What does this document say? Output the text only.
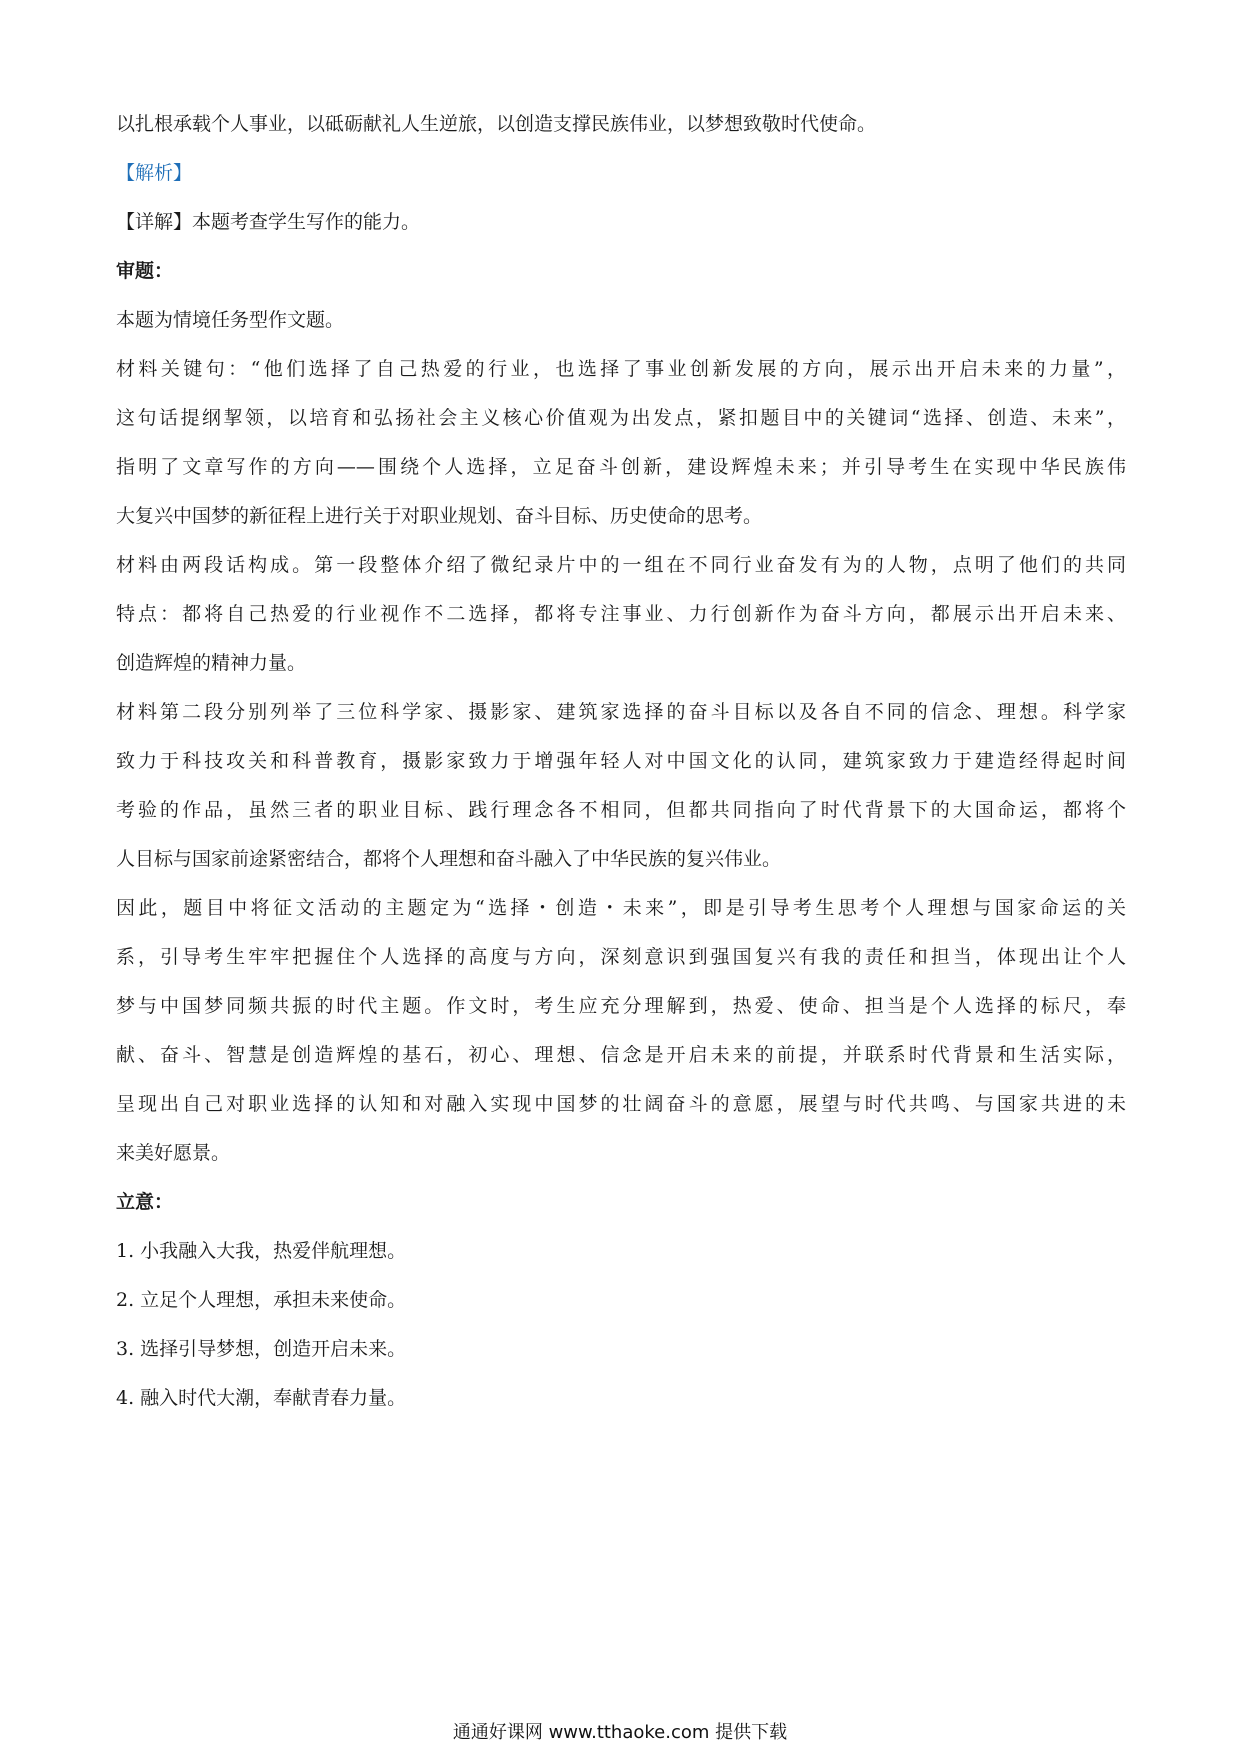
以扎根承载个人事业，以砥砺献礼人生逆旅，以创造支撑民族伟业，以梦想致敬时代使命。

【解析】

【详解】本题考查学生写作的能力。

审题：

本题为情境任务型作文题。

材料关键句：“他们选择了自己热爱的行业，也选择了事业创新发展的方向，展示出开启未来的力量”，

这句话提纲挈领，以培育和弘扬社会主义核心价值观为出发点，紧扣题目中的关键词“选择、创造、未来”，

指明了文章写作的方向——围绕个人选择，立足奋斗创新，建设辉煌未来；并引导考生在实现中华民族伟

大复兴中国梦的新征程上进行关于对职业规划、奋斗目标、历史使命的思考。

材料由两段话构成。第一段整体介绍了微纪录片中的一组在不同行业奋发有为的人物，点明了他们的共同

特点：都将自己热爱的行业视作不二选择，都将专注事业、力行创新作为奋斗方向，都展示出开启未来、

创造辉煌的精神力量。

材料第二段分别列举了三位科学家、摄影家、建筑家选择的奋斗目标以及各自不同的信念、理想。科学家

致力于科技攻关和科普教育，摄影家致力于增强年轻人对中国文化的认同，建筑家致力于建造经得起时间

考验的作品，虽然三者的职业目标、践行理念各不相同，但都共同指向了时代背景下的大国命运，都将个

人目标与国家前途紧密结合，都将个人理想和奋斗融入了中华民族的复兴伟业。

因此，题目中将征文活动的主题定为“选择・创造・未来”，即是引导考生思考个人理想与国家命运的关

系，引导考生牢牢把握住个人选择的高度与方向，深刻意识到强国复兴有我的责任和担当，体现出让个人

梦与中国梦同频共振的时代主题。作文时，考生应充分理解到，热爱、使命、担当是个人选择的标尺，奉

献、奋斗、智慧是创造辉煌的基石，初心、理想、信念是开启未来的前提，并联系时代背景和生活实际，

呈现出自己对职业选择的认知和对融入实现中国梦的壮阔奋斗的意愿，展望与时代共鸣、与国家共进的未

来美好愿景。

立意：

1. 小我融入大我，热爱伴航理想。

2. 立足个人理想，承担未来使命。

3. 选择引导梦想，创造开启未来。

4. 融入时代大潮，奉献青春力量。

通通好课网 www.tthaoke.com 提供下载
